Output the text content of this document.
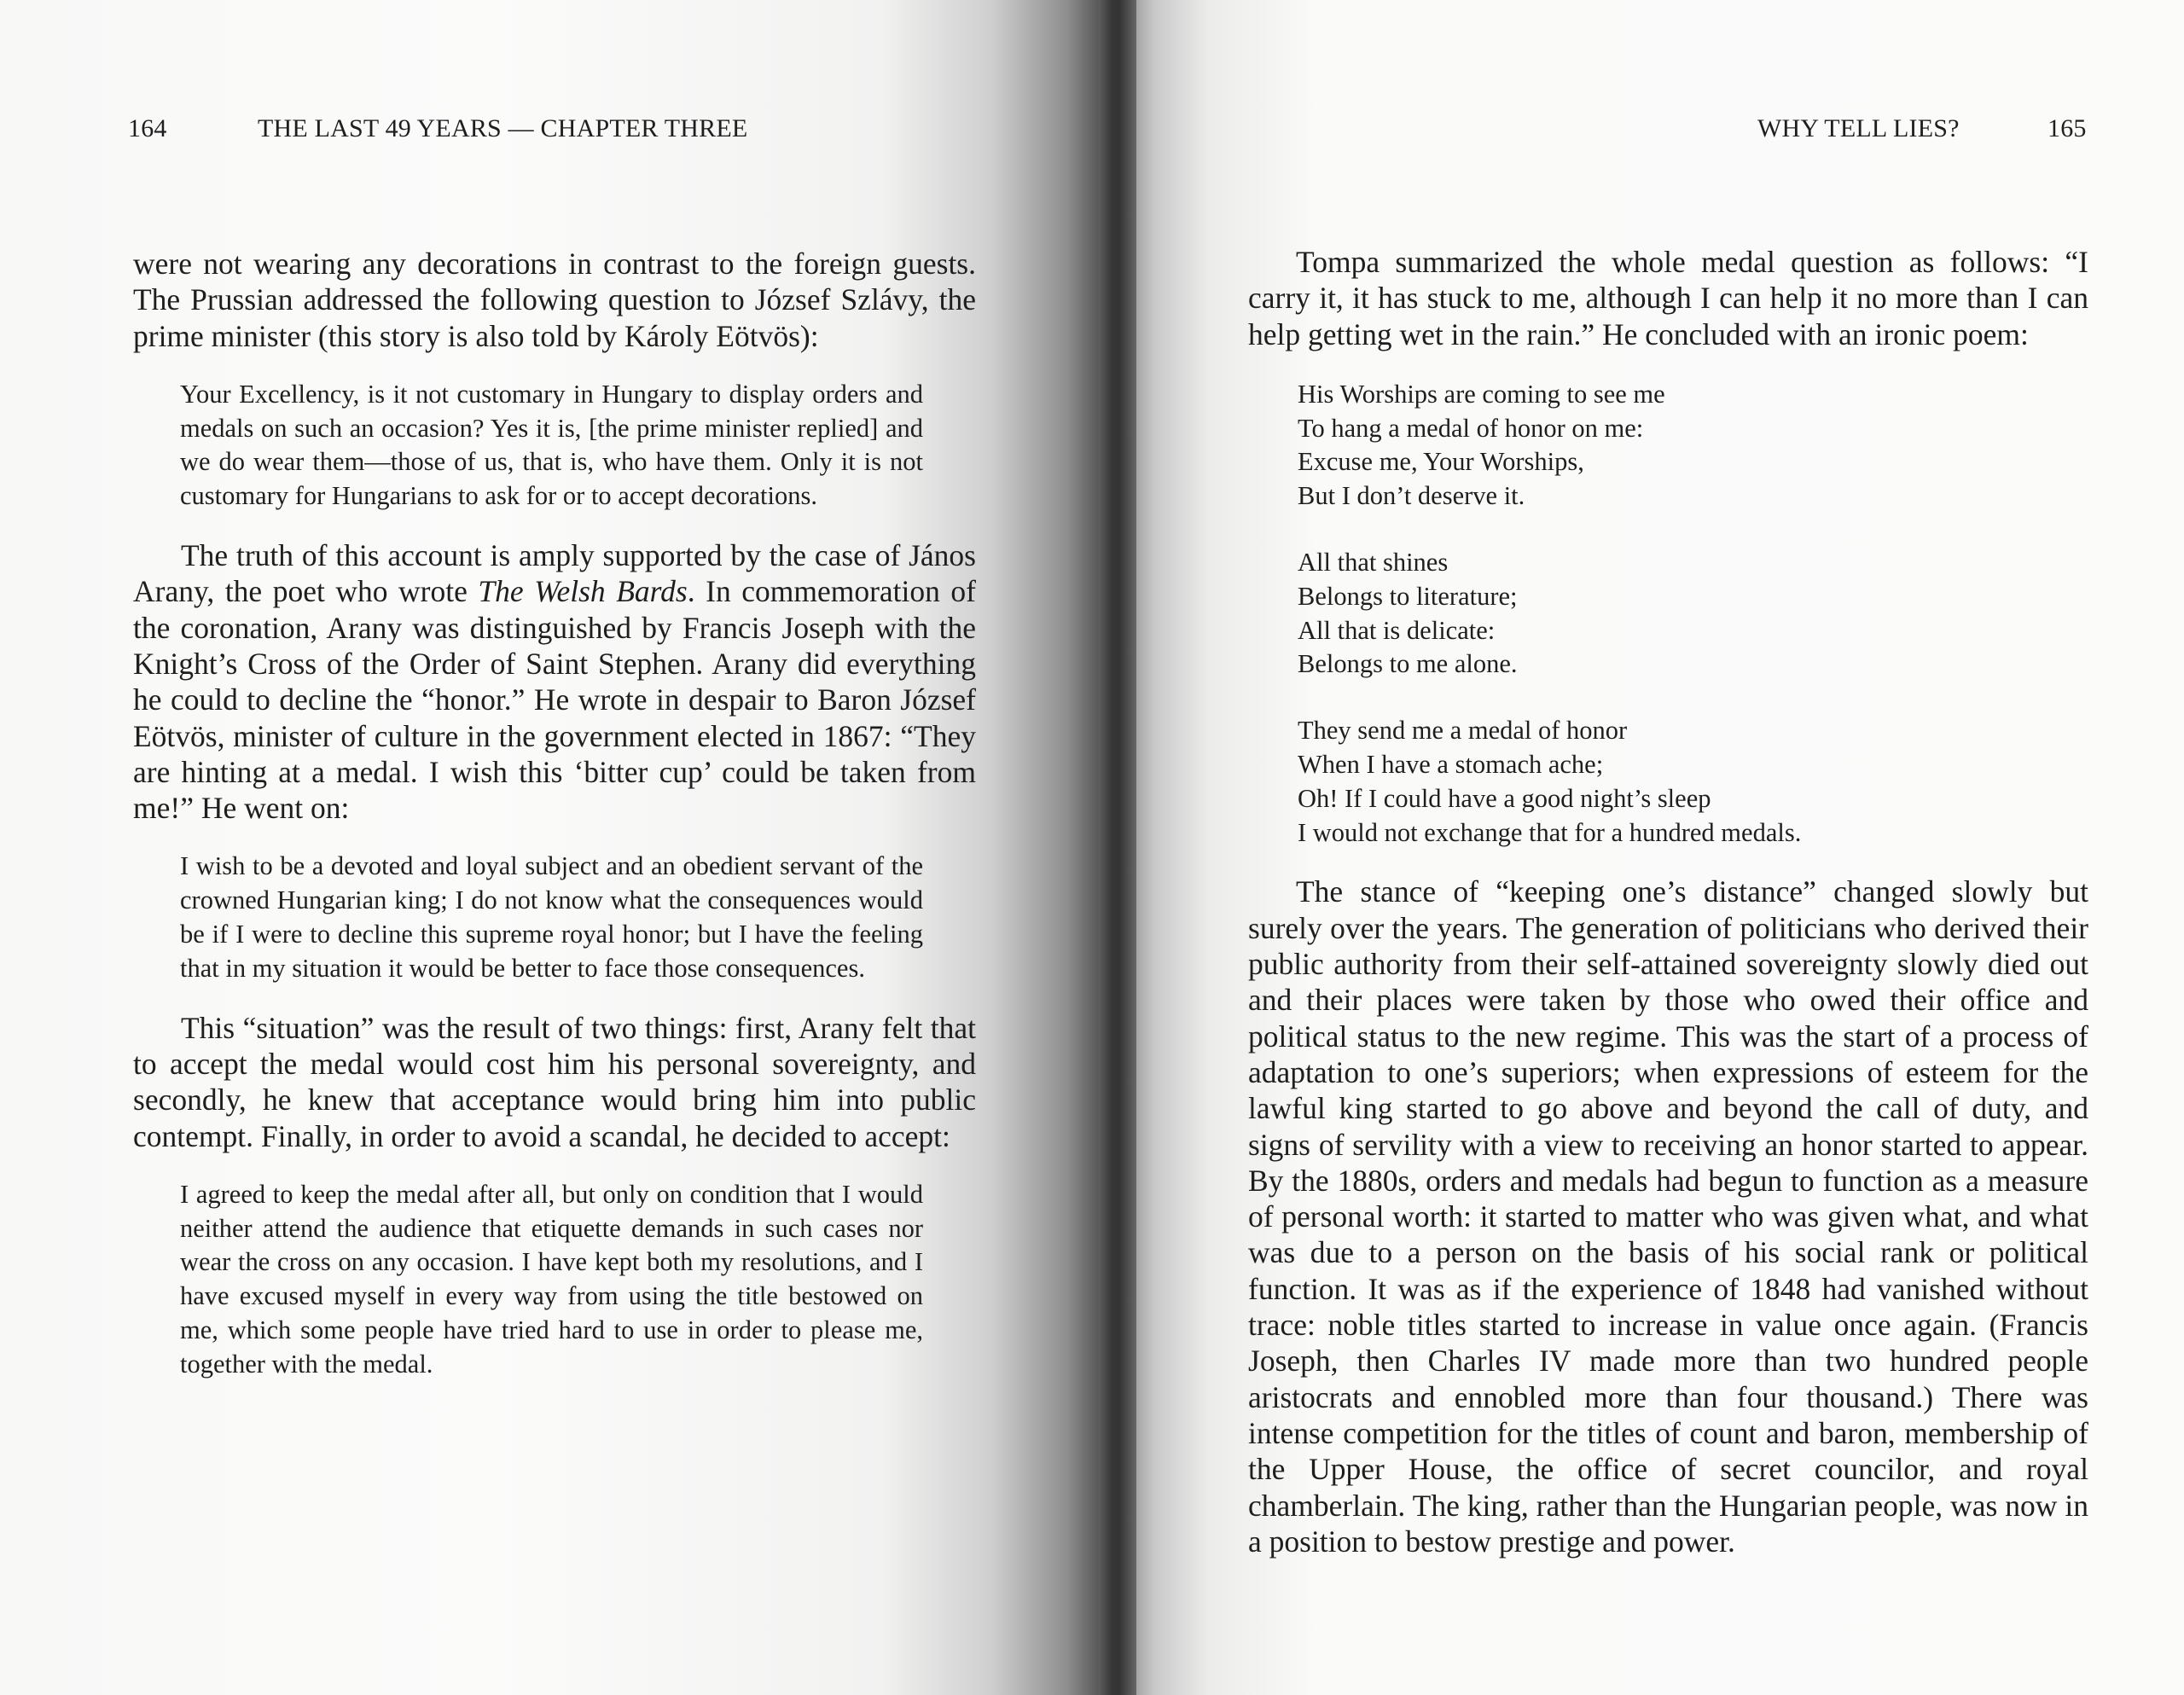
164	THE LAST 49 YEARS — CHAPTER THREE

were not wearing any decorations in contrast to the foreign guests. The Prussian addressed the following question to József Szlávy, the prime minister (this story is also told by Károly Eötvös):

Your Excellency, is it not customary in Hungary to display orders and medals on such an occasion? Yes it is, [the prime minister replied] and we do wear them—those of us, that is, who have them. Only it is not customary for Hungarians to ask for or to accept decorations.

The truth of this account is amply supported by the case of János Arany, the poet who wrote The Welsh Bards. In commemoration of the coronation, Arany was distinguished by Francis Joseph with the Knight’s Cross of the Order of Saint Stephen. Arany did everything he could to decline the “honor.” He wrote in despair to Baron József Eötvös, minister of culture in the government elected in 1867: “They are hinting at a medal. I wish this ‘bitter cup’ could be taken from me!” He went on:

I wish to be a devoted and loyal subject and an obedient servant of the crowned Hungarian king; I do not know what the consequences would be if I were to decline this supreme royal honor; but I have the feeling that in my situation it would be better to face those consequences.

This “situation” was the result of two things: first, Arany felt that to accept the medal would cost him his personal sovereignty, and secondly, he knew that acceptance would bring him into public contempt. Finally, in order to avoid a scandal, he decided to accept:

I agreed to keep the medal after all, but only on condition that I would neither attend the audience that etiquette demands in such cases nor wear the cross on any occasion. I have kept both my resolutions, and I have excused myself in every way from using the title bestowed on me, which some people have tried hard to use in order to please me, together with the medal.
WHY TELL LIES?	165

Tompa summarized the whole medal question as follows: “I carry it, it has stuck to me, although I can help it no more than I can help getting wet in the rain.” He concluded with an ironic poem:

His Worships are coming to see me
To hang a medal of honor on me:
Excuse me, Your Worships,
But I don’t deserve it.
All that shines
Belongs to literature;
All that is delicate:
Belongs to me alone.
They send me a medal of honor
When I have a stomach ache;
Oh! If I could have a good night’s sleep
I would not exchange that for a hundred medals.

The stance of “keeping one’s distance” changed slowly but surely over the years. The generation of politicians who derived their public authority from their self-attained sovereignty slowly died out and their places were taken by those who owed their office and political status to the new regime. This was the start of a process of adaptation to one’s superiors; when expressions of esteem for the lawful king started to go above and beyond the call of duty, and signs of servility with a view to receiving an honor started to appear. By the 1880s, orders and medals had begun to function as a measure of personal worth: it started to matter who was given what, and what was due to a person on the basis of his social rank or political function. It was as if the experience of 1848 had vanished without trace: noble titles started to increase in value once again. (Francis Joseph, then Charles IV made more than two hundred people aristocrats and ennobled more than four thousand.) There was intense competition for the titles of count and baron, membership of the Upper House, the office of secret councilor, and royal chamberlain. The king, rather than the Hungarian people, was now in a position to bestow prestige and power.
